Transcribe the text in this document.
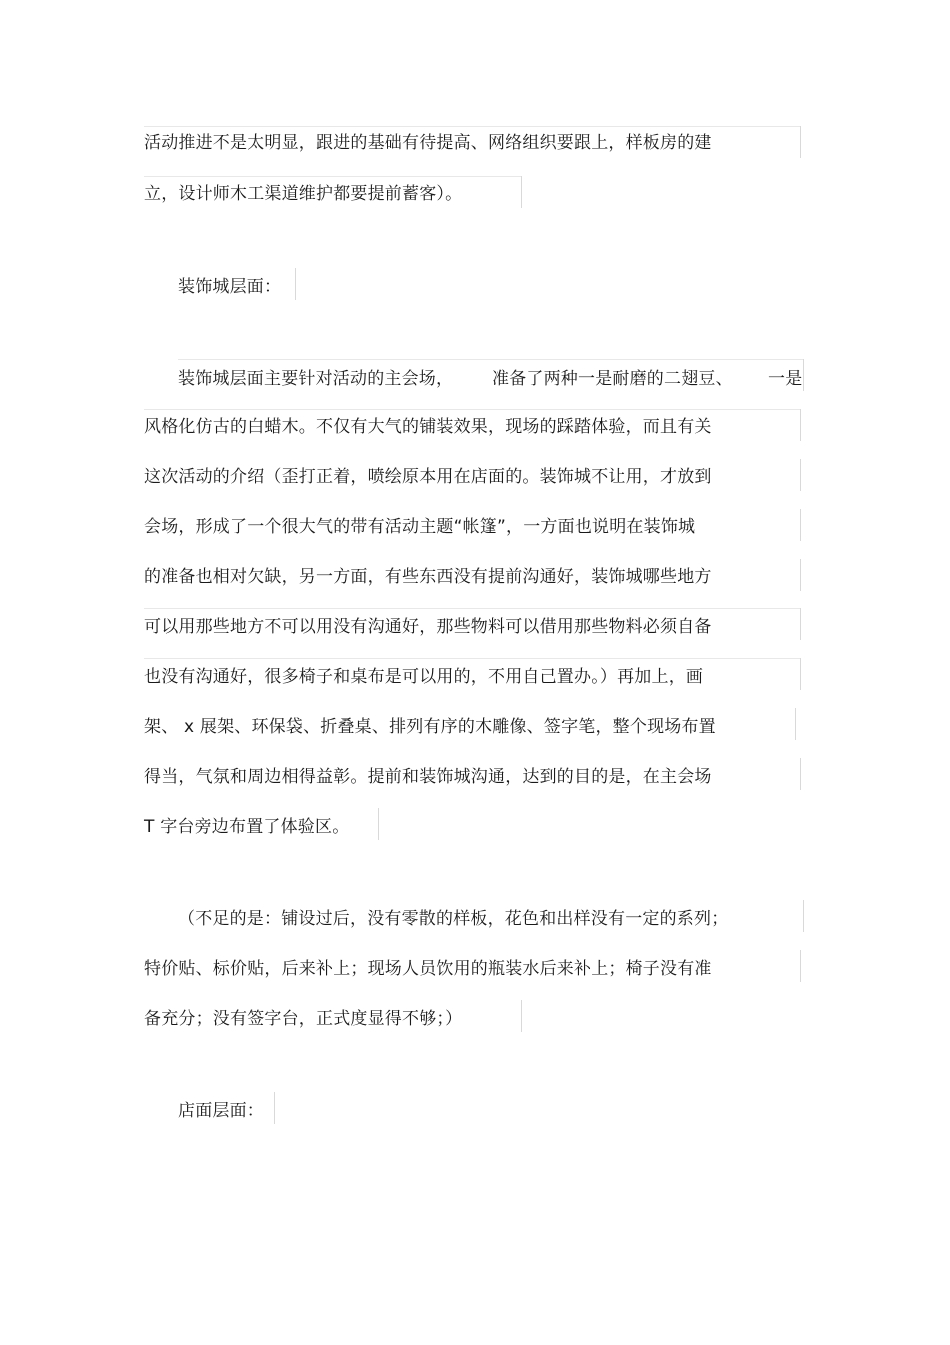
活动推进不是太明显，跟进的基础有待提高、网络组织要跟上，样板房的建
立，设计师木工渠道维护都要提前蓄客）。
装饰城层面：
装饰城层面主要针对活动的主会场， 准备了两种一是耐磨的二翅豆、 一是
风格化仿古的白蜡木。不仅有大气的铺装效果，现场的踩踏体验，而且有关
这次活动的介绍（歪打正着，喷绘原本用在店面的。装饰城不让用，才放到
会场，形成了一个很大气的带有活动主题“帐篷”，一方面也说明在装饰城
的准备也相对欠缺，另一方面，有些东西没有提前沟通好，装饰城哪些地方
可以用那些地方不可以用没有沟通好，那些物料可以借用那些物料必须自备
也没有沟通好，很多椅子和桌布是可以用的，不用自己置办。）再加上，画
架、 x 展架、环保袋、折叠桌、排列有序的木雕像、签字笔，整个现场布置
得当，气氛和周边相得益彰。提前和装饰城沟通，达到的目的是，在主会场
T 字台旁边布置了体验区。
（不足的是：铺设过后，没有零散的样板，花色和出样没有一定的系列；
特价贴、标价贴，后来补上；现场人员饮用的瓶装水后来补上；椅子没有准
备充分；没有签字台，正式度显得不够；）
店面层面：
